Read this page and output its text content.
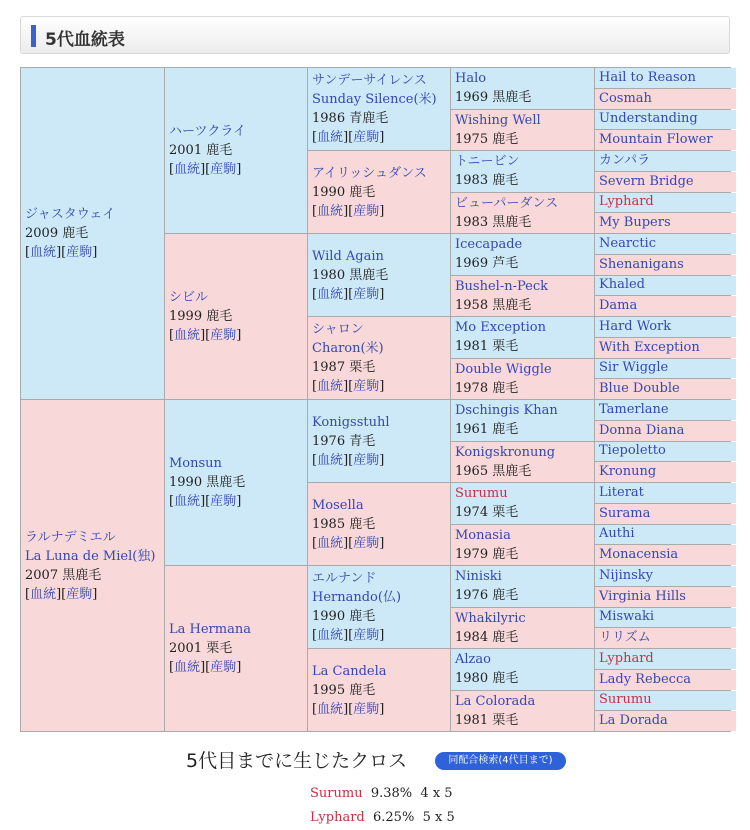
5代血統表
ジャスタウェイ
2009 鹿毛
[血統][産駒]
ラルナデミエル
La Luna de Miel(独)
2007 黒鹿毛
[血統][産駒]
ハーツクライ
2001 鹿毛
[血統][産駒]
シビル
1999 鹿毛
[血統][産駒]
Monsun
1990 黒鹿毛
[血統][産駒]
La Hermana
2001 栗毛
[血統][産駒]
サンデーサイレンス
Sunday Silence(米)
1986 青鹿毛
[血統][産駒]
アイリッシュダンス
1990 鹿毛
[血統][産駒]
Wild Again
1980 黒鹿毛
[血統][産駒]
シャロン
Charon(米)
1987 栗毛
[血統][産駒]
Konigsstuhl
1976 青毛
[血統][産駒]
Mosella
1985 鹿毛
[血統][産駒]
エルナンド
Hernando(仏)
1990 鹿毛
[血統][産駒]
La Candela
1995 鹿毛
[血統][産駒]
Halo
1969 黒鹿毛
Wishing Well
1975 鹿毛
トニービン
1983 鹿毛
ビューパーダンス
1983 黒鹿毛
Icecapade
1969 芦毛
Bushel-n-Peck
1958 黒鹿毛
Mo Exception
1981 栗毛
Double Wiggle
1978 鹿毛
Dschingis Khan
1961 鹿毛
Konigskronung
1965 黒鹿毛
Surumu
1974 栗毛
Monasia
1979 鹿毛
Niniski
1976 鹿毛
Whakilyric
1984 鹿毛
Alzao
1980 鹿毛
La Colorada
1981 栗毛
Hail to Reason
Cosmah
Understanding
Mountain Flower
カンパラ
Severn Bridge
Lyphard
My Bupers
Nearctic
Shenanigans
Khaled
Dama
Hard Work
With Exception
Sir Wiggle
Blue Double
Tamerlane
Donna Diana
Tiepoletto
Kronung
Literat
Surama
Authi
Monacensia
Nijinsky
Virginia Hills
Miswaki
リリズム
Lyphard
Lady Rebecca
Surumu
La Dorada
5代目までに生じたクロス	同配合検索(4代目まで)
Surumu 9.38% 4 x 5
Lyphard 6.25% 5 x 5
